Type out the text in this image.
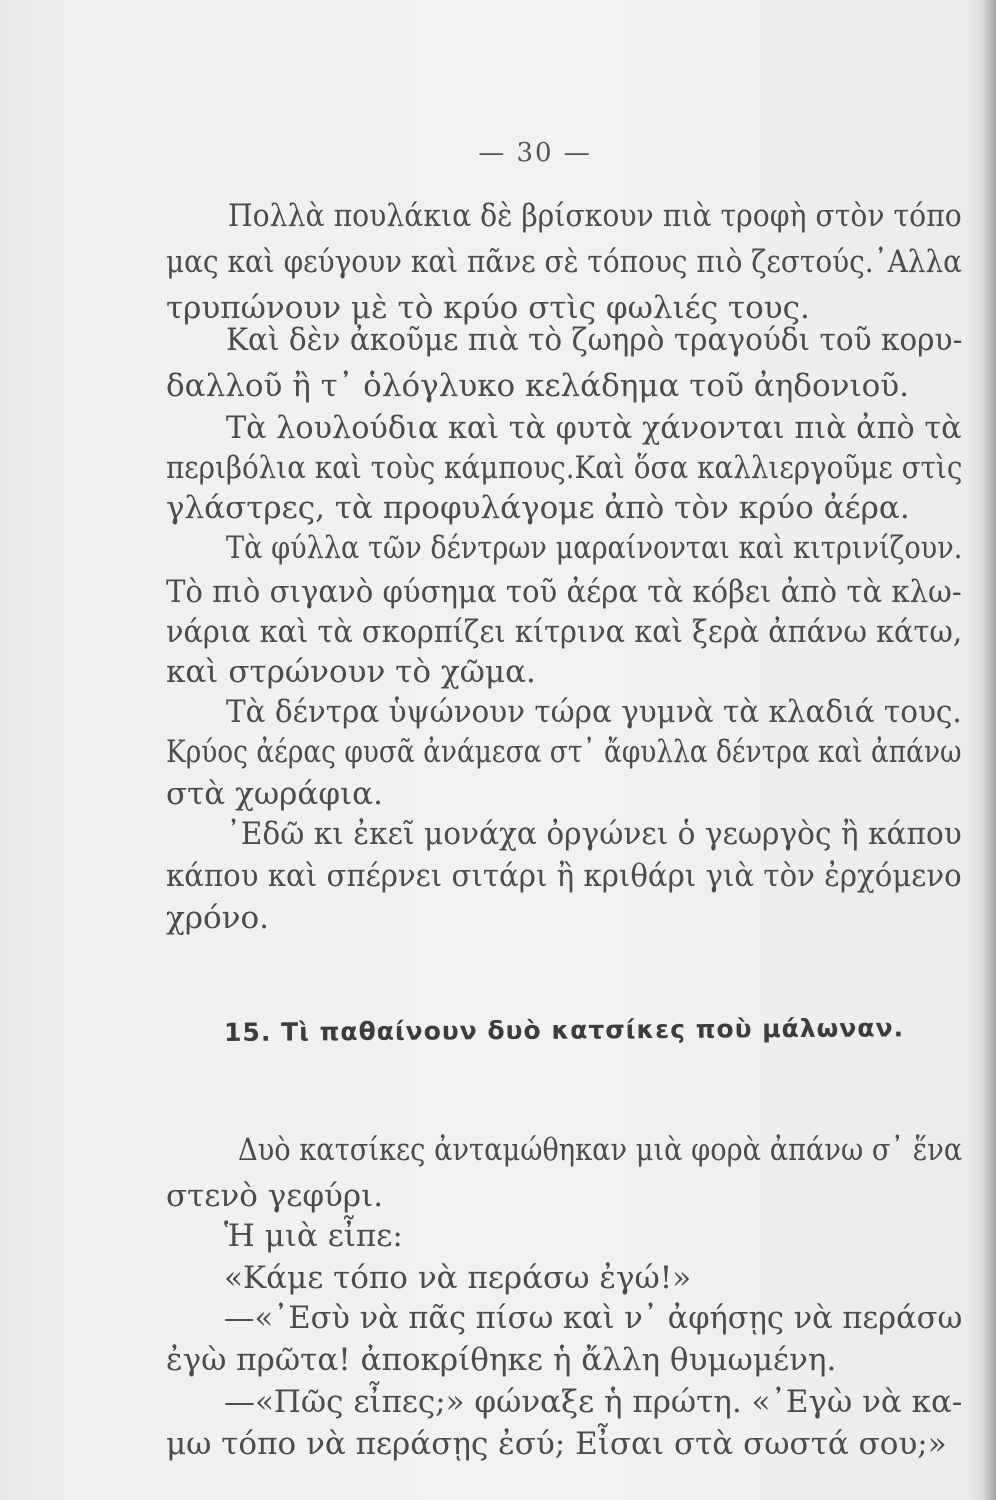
— 30 —
Πολλὰ πουλάκια δὲ βρίσκουν πιὰ τροφὴ στὸν τόπο
μας καὶ φεύγουν καὶ πᾶνε σὲ τόπους πιὸ ζεστούς.᾿Αλλα
τρυπώνουν μὲ τὸ κρύο στὶς φωλιές τους.
Καὶ δὲν ἀκοῦμε πιὰ τὸ ζωηρὸ τραγούδι τοῦ κορυ-
δαλλοῦ ἢ τ᾿ ὁλόγλυκο κελάδημα τοῦ ἀηδονιοῦ.
Τὰ λουλούδια καὶ τὰ φυτὰ χάνονται πιὰ ἀπὸ τὰ
περιβόλια καὶ τοὺς κάμπους.Καὶ ὅσα καλλιεργοῦμε στὶς
γλάστρες, τὰ προφυλάγομε ἀπὸ τὸν κρύο ἀέρα.
Τὰ φύλλα τῶν δέντρων μαραίνονται καὶ κιτρινίζουν.
Τὸ πιὸ σιγανὸ φύσημα τοῦ ἀέρα τὰ κόβει ἀπὸ τὰ κλω-
νάρια καὶ τὰ σκορπίζει κίτρινα καὶ ξερὰ ἀπάνω κάτω,
καὶ στρώνουν τὸ χῶμα.
Τὰ δέντρα ὑψώνουν τώρα γυμνὰ τὰ κλαδιά τους.
Κρύος ἀέρας φυσᾶ ἀνάμεσα στ᾿ ἄφυλλα δέντρα καὶ ἀπάνω
στὰ χωράφια.
᾿Εδῶ κι ἐκεῖ μονάχα ὀργώνει ὁ γεωργὸς ἢ κάπου
κάπου καὶ σπέρνει σιτάρι ἢ κριθάρι γιὰ τὸν ἐρχόμενο
χρόνο.
15. Τὶ παθαίνουν δυὸ κατσίκες ποὺ μάλωναν.
Δυὸ κατσίκες ἀνταμώθηκαν μιὰ φορὰ ἀπάνω σ᾿ ἕνα
στενὸ γεφύρι.
Ἡ μιὰ εἶπε:
«Κάμε τόπο νὰ περάσω ἐγώ!»
—«᾿Εσὺ νὰ πᾶς πίσω καὶ ν᾿ ἀφήσῃς νὰ περάσω
ἐγὼ πρῶτα! ἀποκρίθηκε ἡ ἄλλη θυμωμένη.
—«Πῶς εἶπες;» φώναξε ἡ πρώτη. «᾿Εγὼ νὰ κα-
μω τόπο νὰ περάσῃς ἐσύ; Εἶσαι στὰ σωστά σου;»
